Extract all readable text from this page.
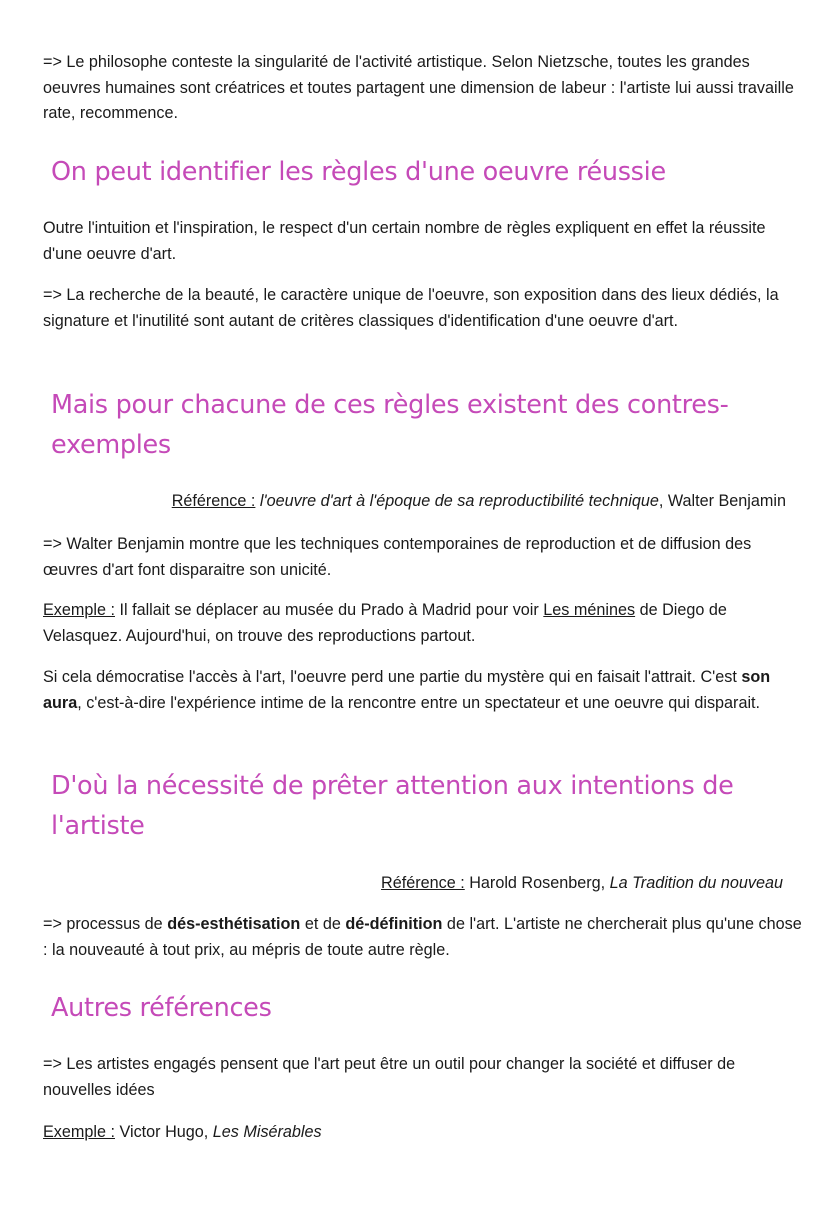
=> Le philosophe conteste la singularité de l'activité artistique. Selon Nietzsche, toutes les grandes oeuvres humaines sont créatrices et toutes partagent une dimension de labeur : l'artiste lui aussi travaille rate, recommence.

On peut identifier les règles d'une oeuvre réussie

Outre l'intuition et l'inspiration, le respect d'un certain nombre de règles expliquent en effet la réussite d'une oeuvre d'art.

=> La recherche de la beauté, le caractère unique de l'oeuvre, son exposition dans des lieux dédiés, la signature et l'inutilité sont autant de critères classiques d'identification d'une oeuvre d'art.

Mais pour chacune de ces règles existent des contres-exemples

Référence : l'oeuvre d'art à l'époque de sa reproductibilité technique, Walter Benjamin

=> Walter Benjamin montre que les techniques contemporaines de reproduction et de diffusion des œuvres d'art font disparaitre son unicité.

Exemple : Il fallait se déplacer au musée du Prado à Madrid pour voir Les ménines de Diego de Velasquez. Aujourd'hui, on trouve des reproductions partout.

Si cela démocratise l'accès à l'art, l'oeuvre perd une partie du mystère qui en faisait l'attrait. C'est son aura, c'est-à-dire l'expérience intime de la rencontre entre un spectateur et une oeuvre qui disparait.

D'où la nécessité de prêter attention aux intentions de l'artiste

Référence : Harold Rosenberg, La Tradition du nouveau

=> processus de dés-esthétisation et de dé-définition de l'art. L'artiste ne chercherait plus qu'une chose : la nouveauté à tout prix, au mépris de toute autre règle.

Autres références

=> Les artistes engagés pensent que l'art peut être un outil pour changer la société et diffuser de nouvelles idées

Exemple : Victor Hugo, Les Misérables
